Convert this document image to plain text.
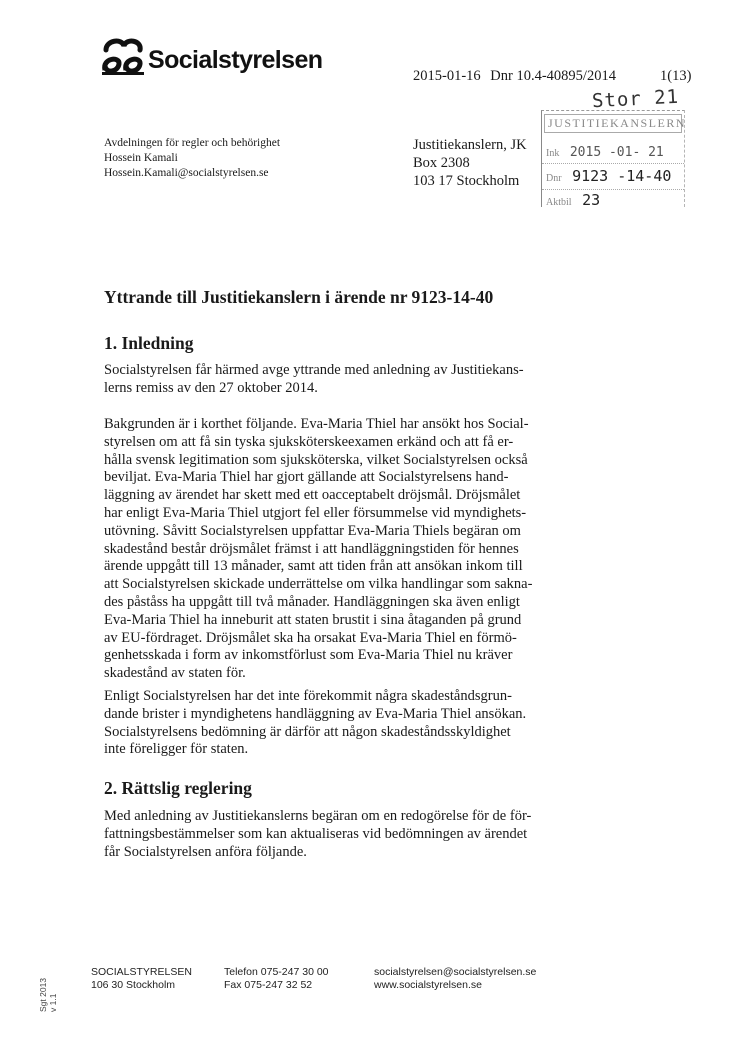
Socialstyrelsen
2015-01-16 Dnr 10.4-40895/2014	1(13)
Avdelningen för regler och behörighet
Hossein Kamali
Hossein.Kamali@socialstyrelsen.se
Justitiekanslern, JK
Box 2308
103 17 Stockholm
Stor 21
JUSTITIEKANSLERN
Ink 2015 -01- 21
Dnr 9123 -14-40
Aktbil 23
Yttrande till Justitiekanslern i ärende nr 9123-14-40
1. Inledning

Socialstyrelsen får härmed avge yttrande med anledning av Justitiekans-
lerns remiss av den 27 oktober 2014.

Bakgrunden är i korthet följande. Eva-Maria Thiel har ansökt hos Social-
styrelsen om att få sin tyska sjuksköterskeexamen erkänd och att få er-
hålla svensk legitimation som sjuksköterska, vilket Socialstyrelsen också
beviljat. Eva-Maria Thiel har gjort gällande att Socialstyrelsens hand-
läggning av ärendet har skett med ett oacceptabelt dröjsmål. Dröjsmålet
har enligt Eva-Maria Thiel utgjort fel eller försummelse vid myndighets-
utövning. Såvitt Socialstyrelsen uppfattar Eva-Maria Thiels begäran om
skadestånd består dröjsmålet främst i att handläggningstiden för hennes
ärende uppgått till 13 månader, samt att tiden från att ansökan inkom till
att Socialstyrelsen skickade underrättelse om vilka handlingar som sakna-
des påståss ha uppgått till två månader. Handläggningen ska även enligt
Eva-Maria Thiel ha inneburit att staten brustit i sina åtaganden på grund
av EU-fördraget. Dröjsmålet ska ha orsakat Eva-Maria Thiel en förmö-
genhetsskada i form av inkomstförlust som Eva-Maria Thiel nu kräver
skadestånd av staten för.

Enligt Socialstyrelsen har det inte förekommit några skadeståndsgrun-
dande brister i myndighetens handläggning av Eva-Maria Thiel ansökan.
Socialstyrelsens bedömning är därför att någon skadeståndsskyldighet
inte föreligger för staten.

2. Rättslig reglering

Med anledning av Justitiekanslerns begäran om en redogörelse för de för-
fattningsbestämmelser som kan aktualiseras vid bedömningen av ärendet
får Socialstyrelsen anföra följande.

SOCIALSTYRELSEN
106 30 Stockholm
Telefon 075-247 30 00
Fax 075-247 32 52
socialstyrelsen@socialstyrelsen.se
www.socialstyrelsen.se
Sgt 2013 v 1.1
